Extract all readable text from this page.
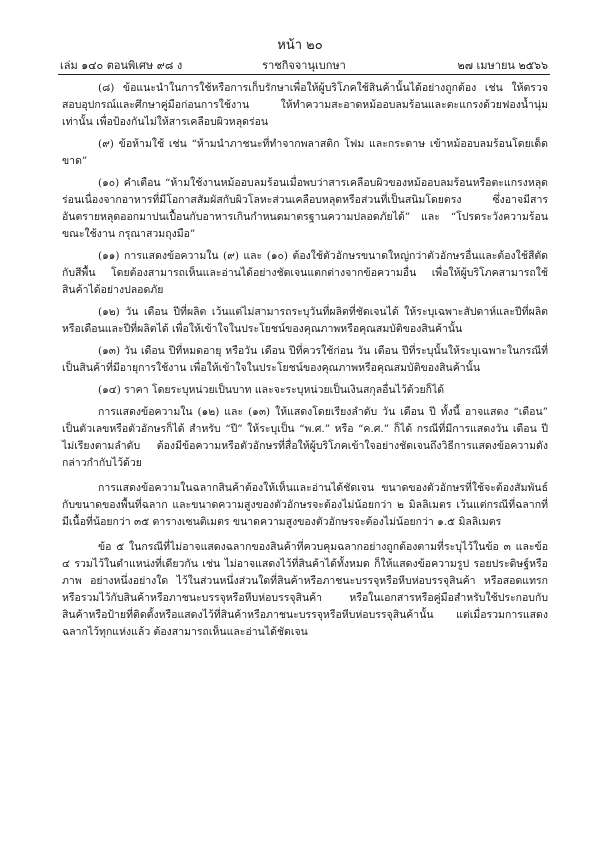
หน้า ๒๐
เล่ม ๑๔๐ ตอนพิเศษ ๙๘ ง	ราชกิจจานุเบกษา	๒๗ เมษายน ๒๕๖๖

(๘) ข้อแนะนำในการใช้หรือการเก็บรักษาเพื่อให้ผู้บริโภคใช้สินค้านั้นได้อย่างถูกต้อง เช่น ให้ตรวจสอบอุปกรณ์และศึกษาคู่มือก่อนการใช้งาน ให้ทำความสะอาดหม้ออบลมร้อนและตะแกรงด้วยฟองน้ำนุ่มเท่านั้น เพื่อป้องกันไม่ให้สารเคลือบผิวหลุดร่อน

(๙) ข้อห้ามใช้ เช่น “ห้ามนำภาชนะที่ทำจากพลาสติก โฟม และกระดาษ เข้าหม้ออบลมร้อนโดยเด็ดขาด”

(๑๐) คำเตือน “ห้ามใช้งานหม้ออบลมร้อนเมื่อพบว่าสารเคลือบผิวของหม้ออบลมร้อนหรือตะแกรงหลุดร่อนเนื่องจากอาหารที่มีโอกาสสัมผัสกับผิวโลหะส่วนเคลือบหลุดหรือส่วนที่เป็นสนิมโดยตรง ซึ่งอาจมีสารอันตรายหลุดออกมาปนเปื้อนกับอาหารเกินกำหนดมาตรฐานความปลอดภัยได้” และ “โปรดระวังความร้อนขณะใช้งาน กรุณาสวมถุงมือ”

(๑๑) การแสดงข้อความใน (๙) และ (๑๐) ต้องใช้ตัวอักษรขนาดใหญ่กว่าตัวอักษรอื่นและต้องใช้สีตัดกับสีพื้น โดยต้องสามารถเห็นและอ่านได้อย่างชัดเจนแตกต่างจากข้อความอื่น เพื่อให้ผู้บริโภคสามารถใช้สินค้าได้อย่างปลอดภัย

(๑๒) วัน เดือน ปีที่ผลิต เว้นแต่ไม่สามารถระบุวันที่ผลิตที่ชัดเจนได้ ให้ระบุเฉพาะสัปดาห์และปีที่ผลิต หรือเดือนและปีที่ผลิตได้ เพื่อให้เข้าใจในประโยชน์ของคุณภาพหรือคุณสมบัติของสินค้านั้น

(๑๓) วัน เดือน ปีที่หมดอายุ หรือวัน เดือน ปีที่ควรใช้ก่อน วัน เดือน ปีที่ระบุนั้นให้ระบุเฉพาะในกรณีที่เป็นสินค้าที่มีอายุการใช้งาน เพื่อให้เข้าใจในประโยชน์ของคุณภาพหรือคุณสมบัติของสินค้านั้น

(๑๔) ราคา โดยระบุหน่วยเป็นบาท และจะระบุหน่วยเป็นเงินสกุลอื่นไว้ด้วยก็ได้

การแสดงข้อความใน (๑๒) และ (๑๓) ให้แสดงโดยเรียงลำดับ วัน เดือน ปี ทั้งนี้ อาจแสดง “เดือน” เป็นตัวเลขหรือตัวอักษรก็ได้ สำหรับ “ปี” ให้ระบุเป็น “พ.ศ.” หรือ “ค.ศ.” ก็ได้ กรณีที่มีการแสดงวัน เดือน ปี ไม่เรียงตามลำดับ ต้องมีข้อความหรือตัวอักษรที่สื่อให้ผู้บริโภคเข้าใจอย่างชัดเจนถึงวิธีการแสดงข้อความดังกล่าวกำกับไว้ด้วย

การแสดงข้อความในฉลากสินค้าต้องให้เห็นและอ่านได้ชัดเจน ขนาดของตัวอักษรที่ใช้จะต้องสัมพันธ์กับขนาดของพื้นที่ฉลาก และขนาดความสูงของตัวอักษรจะต้องไม่น้อยกว่า ๒ มิลลิเมตร เว้นแต่กรณีที่ฉลากที่มีเนื้อที่น้อยกว่า ๓๕ ตารางเซนติเมตร ขนาดความสูงของตัวอักษรจะต้องไม่น้อยกว่า ๑.๕ มิลลิเมตร

ข้อ ๕ ในกรณีที่ไม่อาจแสดงฉลากของสินค้าที่ควบคุมฉลากอย่างถูกต้องตามที่ระบุไว้ในข้อ ๓ และข้อ ๔ รวมไว้ในตำแหน่งที่เดียวกัน เช่น ไม่อาจแสดงไว้ที่สินค้าได้ทั้งหมด ก็ให้แสดงข้อความรูป รอยประดิษฐ์หรือภาพ อย่างหนึ่งอย่างใด ไว้ในส่วนหนึ่งส่วนใดที่สินค้าหรือภาชนะบรรจุหรือหีบห่อบรรจุสินค้า หรือสอดแทรกหรือรวมไว้กับสินค้าหรือภาชนะบรรจุหรือหีบห่อบรรจุสินค้า หรือในเอกสารหรือคู่มือสำหรับใช้ประกอบกับสินค้าหรือป้ายที่ติดตั้งหรือแสดงไว้ที่สินค้าหรือภาชนะบรรจุหรือหีบห่อบรรจุสินค้านั้น แต่เมื่อรวมการแสดงฉลากไว้ทุกแห่งแล้ว ต้องสามารถเห็นและอ่านได้ชัดเจน
